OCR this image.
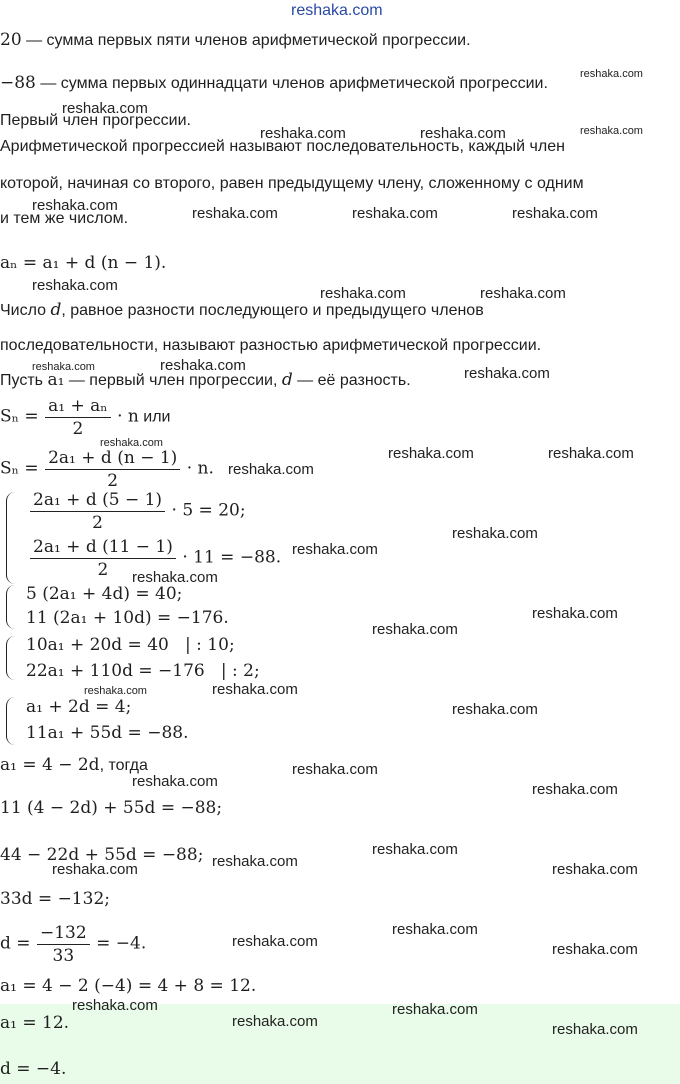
reshaka.com
20 — сумма первых пяти членов арифметической прогрессии.
−88 — сумма первых одиннадцати членов арифметической прогрессии.
Первый член прогрессии.
Арифметической прогрессией называют последовательность, каждый член
которой, начиная со второго, равен предыдущему члену, сложенному с одним
и тем же числом.
aₙ = a₁ + d (n − 1).
Число d, равное разности последующего и предыдущего членов
последовательности, называют разностью арифметической прогрессии.
Пусть a₁ — первый член прогрессии, d — её разность.
$S_n = \frac{\text{a₁ + aₙ}}{2} \cdot n$ или
$S_n = \frac{\text{2a₁ + d (n − 1)}}{2} \cdot n$.
$\frac{\text{2a₁ + d (5 − 1)}}{2} \cdot 5 = 20$;
$\frac{\text{2a₁ + d (11 − 1)}}{2} \cdot 11 = -88$.
5 (2a₁ + 4d) = 40;
11 (2a₁ + 10d) = −176.
10a₁ + 20d = 40   | : 10;
22a₁ + 110d = −176   | : 2;
a₁ + 2d = 4;
11a₁ + 55d = −88.
a₁ = 4 − 2d, тогда
11 (4 − 2d) + 55d = −88;
44 − 22d + 55d = −88;
33d = −132;
$d = \frac{-132}{33} = -4$.
a₁ = 4 − 2 (−4) = 4 + 8 = 12.
a₁ = 12.
d = −4.
reshaka.com
reshaka.com
reshaka.com	reshaka.com	reshaka.com
reshaka.com	reshaka.com	reshaka.com	reshaka.com
reshaka.com	reshaka.com	reshaka.com
reshaka.com	reshaka.com	reshaka.com
reshaka.com
reshaka.com
reshaka.com	reshaka.com
reshaka.com
reshaka.com
reshaka.com
reshaka.com
reshaka.com
reshaka.com	reshaka.com
reshaka.com
reshaka.com
reshaka.com
reshaka.com
reshaka.com
reshaka.com
reshaka.com	reshaka.com
reshaka.com
reshaka.com	reshaka.com
reshaka.com	reshaka.com
reshaka.com	reshaka.com
